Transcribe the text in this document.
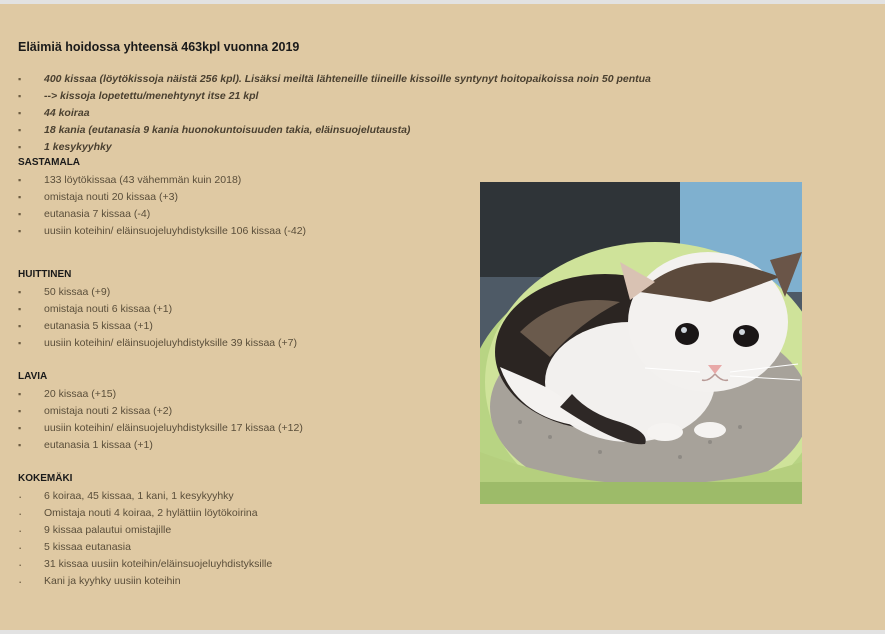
Eläimiä hoidossa yhteensä 463kpl vuonna 2019
▪ 400 kissaa (löytökissoja näistä 256 kpl). Lisäksi meiltä lähteneille tiineille kissoille syntynyt hoitopaikoissa noin 50 pentua
▪ --> kissoja lopetettu/menehtynyt itse 21 kpl
▪ 44 koiraa
▪ 18 kania (eutanasia 9 kania huonokuntoisuuden takia, eläinsuojelutausta)
▪ 1 kesykyyhky
SASTAMALA
▪ 133 löytökissaa (43 vähemmän kuin 2018)
▪ omistaja nouti 20 kissaa (+3)
▪ eutanasia 7 kissaa (-4)
▪ uusiin koteihin/ eläinsuojeluyhdistyksille 106 kissaa (-42)
HUITTINEN
▪ 50 kissaa (+9)
▪ omistaja nouti 6 kissaa (+1)
▪ eutanasia 5 kissaa (+1)
▪ uusiin koteihin/ eläinsuojeluyhdistyksille 39 kissaa (+7)
LAVIA
▪ 20 kissaa (+15)
▪ omistaja nouti 2 kissaa (+2)
▪ uusiin koteihin/ eläinsuojeluyhdistyksille 17 kissaa (+12)
▪ eutanasia 1 kissaa (+1)
KOKEMÄKI
· 6 koiraa, 45 kissaa, 1 kani, 1 kesykyyhky
· Omistaja nouti 4 koiraa, 2 hylättiin löytökoirina
· 9 kissaa palautui omistajille
· 5 kissaa eutanasia
· 31 kissaa uusiin koteihin/eläinsuojeluyhdistyksille
· Kani ja kyyhky uusiin koteihin
